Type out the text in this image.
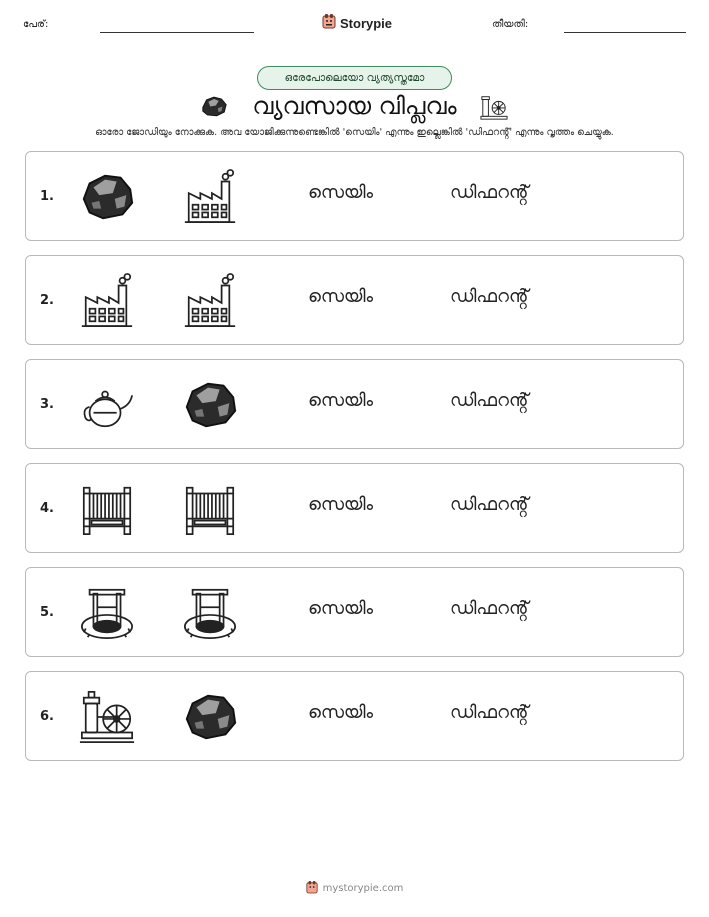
പേര്:	Storypie	തീയതി:
ഒരേപോലെയോ വ്യത്യസ്തമോ
വ്യവസായ വിപ്ലവം
ഓരോ ജോഡിയും നോക്കുക. അവ യോജിക്കുന്നുണ്ടെങ്കിൽ 'സെയിം' എന്നും ഇല്ലെങ്കിൽ 'ഡിഫറൻ്റ്' എന്നും വൃത്തം ചെയ്യുക.
1.	സെയിം	ഡിഫറൻ്റ്
2.	സെയിം	ഡിഫറൻ്റ്
3.	സെയിം	ഡിഫറൻ്റ്
4.	സെയിം	ഡിഫറൻ്റ്
5.	സെയിം	ഡിഫറൻ്റ്
6.	സെയിം	ഡിഫറൻ്റ്
mystorypie.com
